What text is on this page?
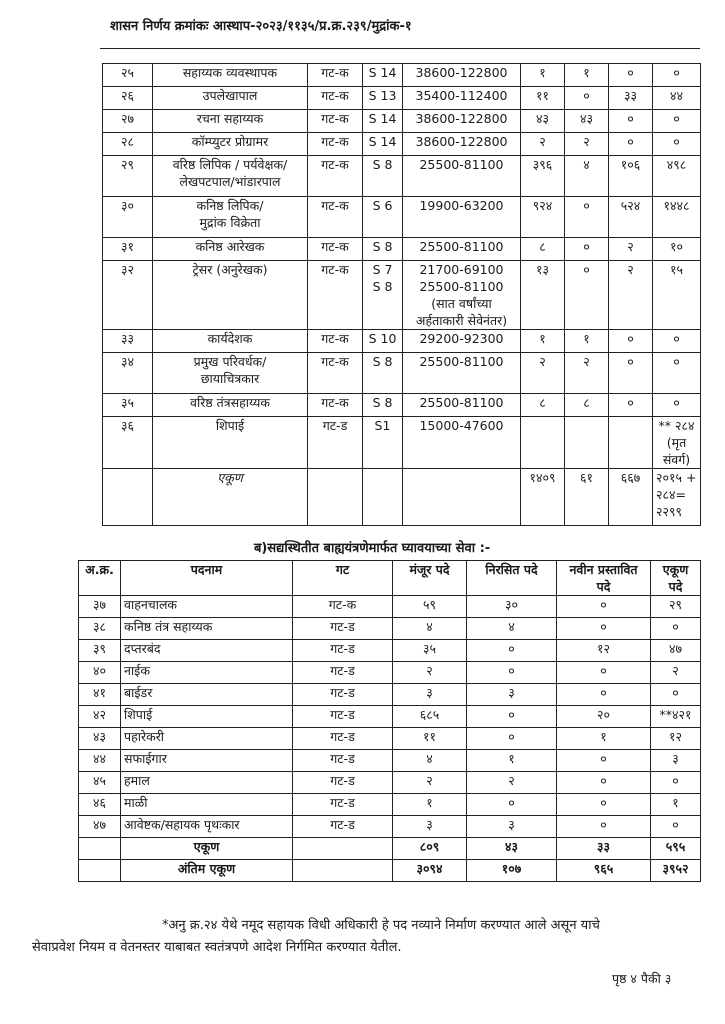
शासन निर्णय क्रमांकः आस्थाप-२०२३/११३५/प्र.क्र.२३९/मुद्रांक-१
२५	सहाय्यक व्यवस्थापक	गट-क	S 14	38600-122800	१	१	०	०
२६	उपलेखापाल	गट-क	S 13	35400-112400	११	०	३३	४४
२७	रचना सहाय्यक	गट-क	S 14	38600-122800	४३	४३	०	०
२८	कॉम्प्युटर प्रोग्रामर	गट-क	S 14	38600-122800	२	२	०	०
२९	वरिष्ठ लिपिक / पर्यवेक्षक/
लेखपटपाल/भांडारपाल	गट-क	S 8	25500-81100	३९६	४	१०६	४९८
३०	कनिष्ठ लिपिक/
मुद्रांक विक्रेता	गट-क	S 6	19900-63200	९२४	०	५२४	१४४८
३१	कनिष्ठ आरेखक	गट-क	S 8	25500-81100	८	०	२	१०
३२	ट्रेसर (अनुरेखक)	गट-क	S 7
S 8	21700-69100
25500-81100
(सात वर्षांच्या
अर्हताकारी सेवेनंतर)	१३	०	२	१५
३३	कार्यदेशक	गट-क	S 10	29200-92300	१	१	०	०
३४	प्रमुख परिवर्धक/
छायाचित्रकार	गट-क	S 8	25500-81100	२	२	०	०
३५	वरिष्ठ तंत्रसहाय्यक	गट-क	S 8	25500-81100	८	८	०	०
३६	शिपाई	गट-ड	S1	15000-47600				** २८४
(मृत संवर्ग)
	एकूण				१४०९	६१	६६७	२०१५ +
२८४=
२२९९
ब)सद्यस्थितीत बाह्ययंत्रणेमार्फत घ्यावयाच्या सेवा :-
अ.क्र.	पदनाम	गट	मंजूर पदे	निरसित पदे	नवीन प्रस्तावित
पदे	एकूण
पदे
३७	वाहनचालक	गट-क	५९	३०	०	२९
३८	कनिष्ठ तंत्र सहाय्यक	गट-ड	४	४	०	०
३९	दप्तरबंद	गट-ड	३५	०	१२	४७
४०	नाईक	गट-ड	२	०	०	२
४१	बाईडर	गट-ड	३	३	०	०
४२	शिपाई	गट-ड	६८५	०	२०	**४२१
४३	पहारेकरी	गट-ड	११	०	१	१२
४४	सफाईगार	गट-ड	४	१	०	३
४५	हमाल	गट-ड	२	२	०	०
४६	माळी	गट-ड	१	०	०	१
४७	आवेष्टक/सहायक पृथःकार	गट-ड	३	३	०	०
	एकूण		८०९	४३	३३	५९५
	अंतिम एकूण		३०९४	१०७	९६५	३९५२
*अनु क्र.२४ येथे नमूद सहायक विधी अधिकारी हे पद नव्याने निर्माण करण्यात आले असून याचे
सेवाप्रवेश नियम व वेतनस्तर याबाबत स्वतंत्रपणे आदेश निर्गमित करण्यात येतील.
पृष्ठ ४ पैकी ३
